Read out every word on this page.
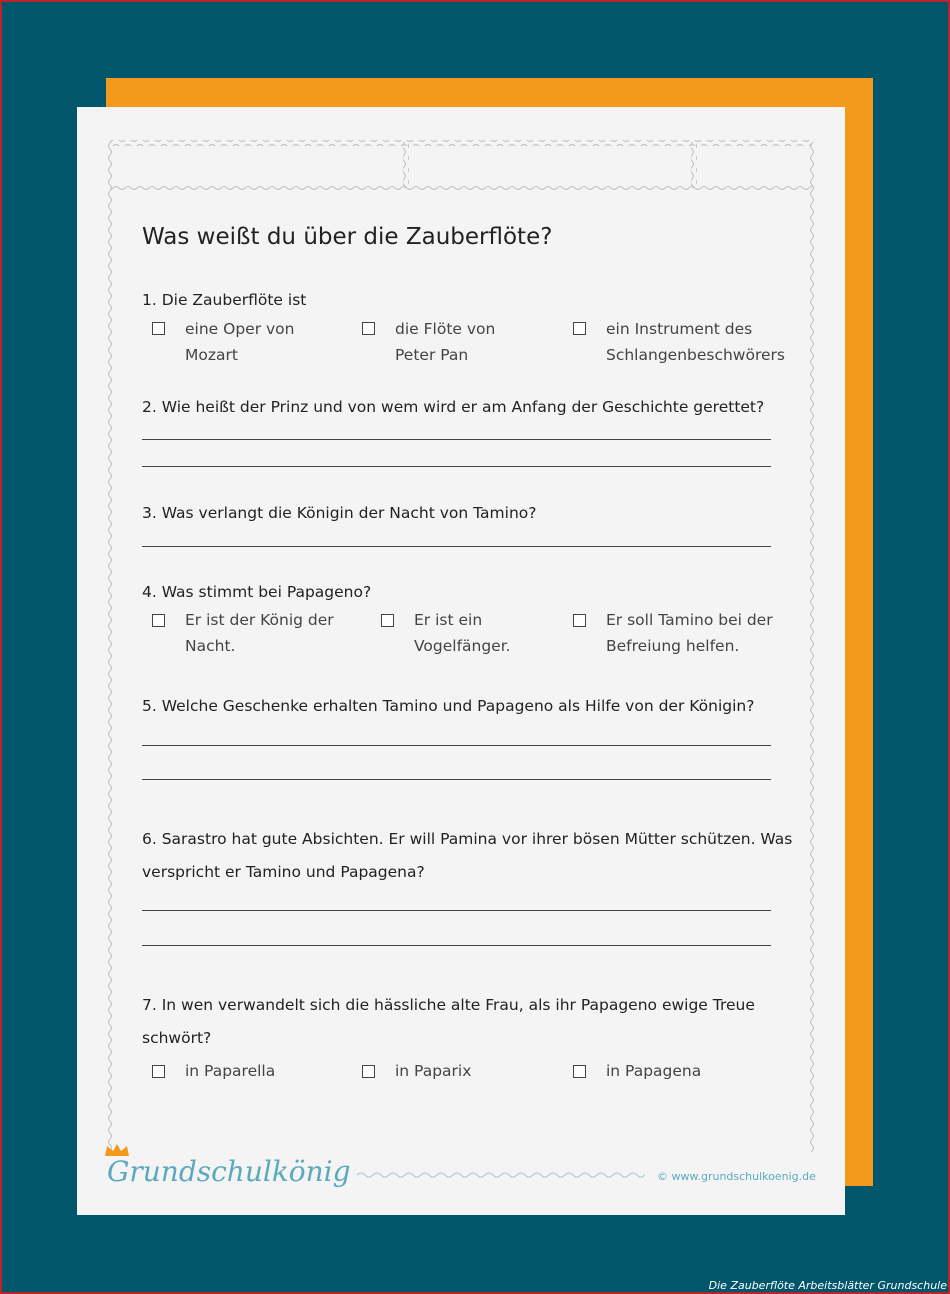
Was weißt du über die Zauberflöte?
1. Die Zauberflöte ist
eine Oper von
Mozart
die Flöte von
Peter Pan
ein Instrument des
Schlangenbeschwörers
2. Wie heißt der Prinz und von wem wird er am Anfang der Geschichte gerettet?
3. Was verlangt die Königin der Nacht von Tamino?
4. Was stimmt bei Papageno?
Er ist der König der
Nacht.
Er ist ein
Vogelfänger.
Er soll Tamino bei der
Befreiung helfen.
5. Welche Geschenke erhalten Tamino und Papageno als Hilfe von der Königin?
6. Sarastro hat gute Absichten. Er will Pamina vor ihrer bösen Mütter schützen. Was
verspricht er Tamino und Papagena?
7. In wen verwandelt sich die hässliche alte Frau, als ihr Papageno ewige Treue
schwört?
in Paparella	in Paparix	in Papagena
Grundschulkönig	© www.grundschulkoenig.de
Die Zauberflöte Arbeitsblätter Grundschule
